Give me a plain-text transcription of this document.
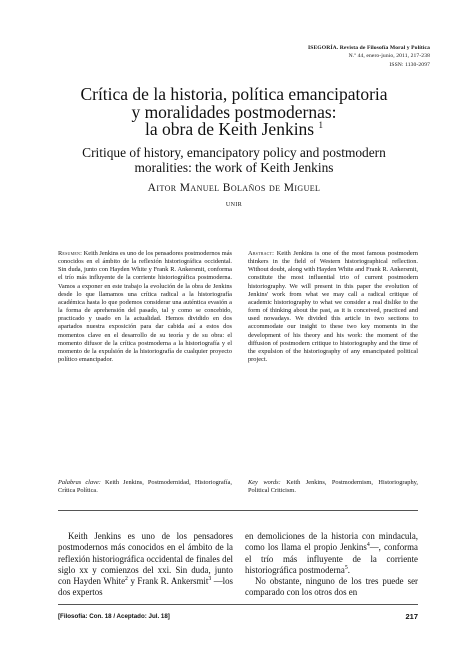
ISEGORÍA. Revista de Filosofía Moral y Política
N.º 44, enero-junio, 2011, 217-238
ISSN: 1130-2097
Crítica de la historia, política emancipatoria
y moralidades postmodernas:
la obra de Keith Jenkins $^1$
Critique of history, emancipatory policy and postmodern
moralities: the work of Keith Jenkins
Aitor Manuel Bolaños de Miguel
UNIR
Resumen: Keith Jenkins es uno de los pensadores postmodernos más conocidos en el ámbito de la reflexión historiográfica occidental. Sin duda, junto con Hayden White y Frank R. Ankersmit, conforma el trío más influyente de la corriente historiográfica postmoderna. Vamos a exponer en este trabajo la evolución de la obra de Jenkins desde lo que llamamos una crítica radical a la historiografía académica hasta lo que podemos considerar una auténtica evasión a la forma de aprehensión del pasado, tal y como se concebido, practicado y usado en la actualidad. Hemos dividido en dos apartados nuestra exposición para dar cabida así a estos dos momentos clave en el desarrollo de su teoría y de su obra: el momento difusor de la crítica postmoderna a la historiografía y el momento de la expulsión de la historiografía de cualquier proyecto político emancipador.
Abstract: Keith Jenkins is one of the most famous postmodern thinkers in the field of Western historiographical reflection. Without doubt, along with Hayden White and Frank R. Ankersmit, constitute the most influential trio of current postmodern historiography. We will present in this paper the evolution of Jenkins' work from what we may call a radical critique of academic historiography to what we consider a real dislike to the form of thinking about the past, as it is conceived, practiced and used nowadays. We divided this article in two sections to accommodate our insight to these two key moments in the development of his theory and his work: the moment of the diffusion of postmodern critique to historiography and the time of the expulsion of the historiography of any emancipated political project.
Palabras clave: Keith Jenkins, Postmodernidad, Historiografía, Crítica Política.
Key words: Keith Jenkins, Postmodernism, Historiography, Political Criticism.
Keith Jenkins es uno de los pensadores postmodernos más conocidos en el ámbito de la reflexión historiográfica occidental de finales del siglo xx y comienzos del xxi. Sin duda, junto con Hayden White$^2$ y Frank R. Ankersmit$^3$ —los dos expertos
en demoliciones de la historia con mindacula, como los llama el propio Jenkins$^4$—, conforma el trío más influyente de la corriente historiográfica postmoderna$^5$.
No obstante, ninguno de los tres puede ser comparado con los otros dos en
[Filosofía: Con. 18 / Aceptado: Jul. 18]	217
